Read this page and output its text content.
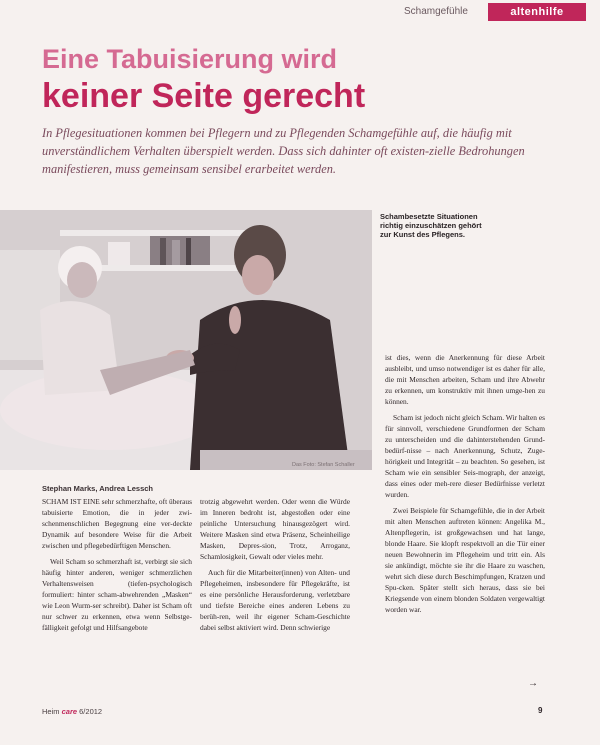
Schamgefühle	altenhilfe
Eine Tabuisierung wird
keiner Seite gerecht
In Pflegesituationen kommen bei Pflegern und zu Pflegenden Schamgefühle auf, die häufig mit unverständlichem Verhalten überspielt werden. Dass sich dahinter oft existen-zielle Bedrohungen manifestieren, muss gemeinsam sensibel erarbeitet werden.
Schambesetzte Situationen richtig einzuschätzen gehört zur Kunst des Pflegens.
Das Foto: Stefan Schaller
Stephan Marks, Andrea Lessch

SCHAM IST EINE sehr schmerzhafte, oft überaus tabuisierte Emotion, die in jeder zwi-schenmenschlichen Begegnung eine ver-deckte Dynamik auf besondere Weise für die Arbeit zwischen und pflegebedürftigen Menschen.

Weil Scham so schmerzhaft ist, verbirgt sie sich häufig hinter anderen, weniger schmerzlichen Verhaltensweisen (tiefen-psychologisch formuliert: hinter scham-abwehrenden „Masken“ wie Leon Wurm-ser schreibt). Daher ist Scham oft nur schwer zu erkennen, etwa wenn Selbstge-fälligkeit gefolgt und Hilfsangebote

trotzig abgewehrt werden. Oder wenn die Würde im Inneren bedroht ist, abgestoßen oder eine peinliche Untersuchung hinausgezögert wird. Weitere Masken sind etwa Präsenz, Scheinheilige Masken, Depres-sion, Trotz, Arroganz, Schamlosigkeit, Gewalt oder vieles mehr.

Auch für die Mitarbeiter(innen) von Alten- und Pflegeheimen, insbesondere für Pflegekräfte, ist es eine persönliche Herausforderung, verletzbare und tiefste Bereiche eines anderen Lebens zu berüh-ren, weil ihr eigener Scham-Geschichte dabei selbst aktiviert wird. Denn schwierige

ist dies, wenn die Anerkennung für diese Arbeit ausbleibt, und umso notwendiger ist es daher für alle, die mit Menschen arbeiten, Scham und ihre Abwehr zu erkennen, um konstruktiv mit ihnen umge-hen zu können.

Scham ist jedoch nicht gleich Scham. Wir halten es für sinnvoll, verschiedene Grundformen der Scham zu unterscheiden und die dahinterstehenden Grund-bedürf-nisse – nach Anerkennung, Schutz, Zuge-hörigkeit und Integrität – zu beachten. So gesehen, ist Scham wie ein sensibler Seis-mograph, der anzeigt, dass eines oder meh-rere dieser Bedürfnisse verletzt wurden.

Zwei Beispiele für Schamgefühle, die in der Arbeit mit alten Menschen auftreten können: Angelika M., Altenpflegerin, ist großgewachsen und hat lange, blonde Haare. Sie klopft respektvoll an die Tür einer neuen Bewohnerin im Pflegeheim und tritt ein. Als sie ankündigt, möchte sie ihr die Haare zu waschen, wehrt sich diese durch Beschimpfungen, Kratzen und Spu-cken. Später stellt sich heraus, dass sie bei Kriegsende von einem blonden Soldaten vergewaltigt worden war.

→
Heim care 6/2012	9
